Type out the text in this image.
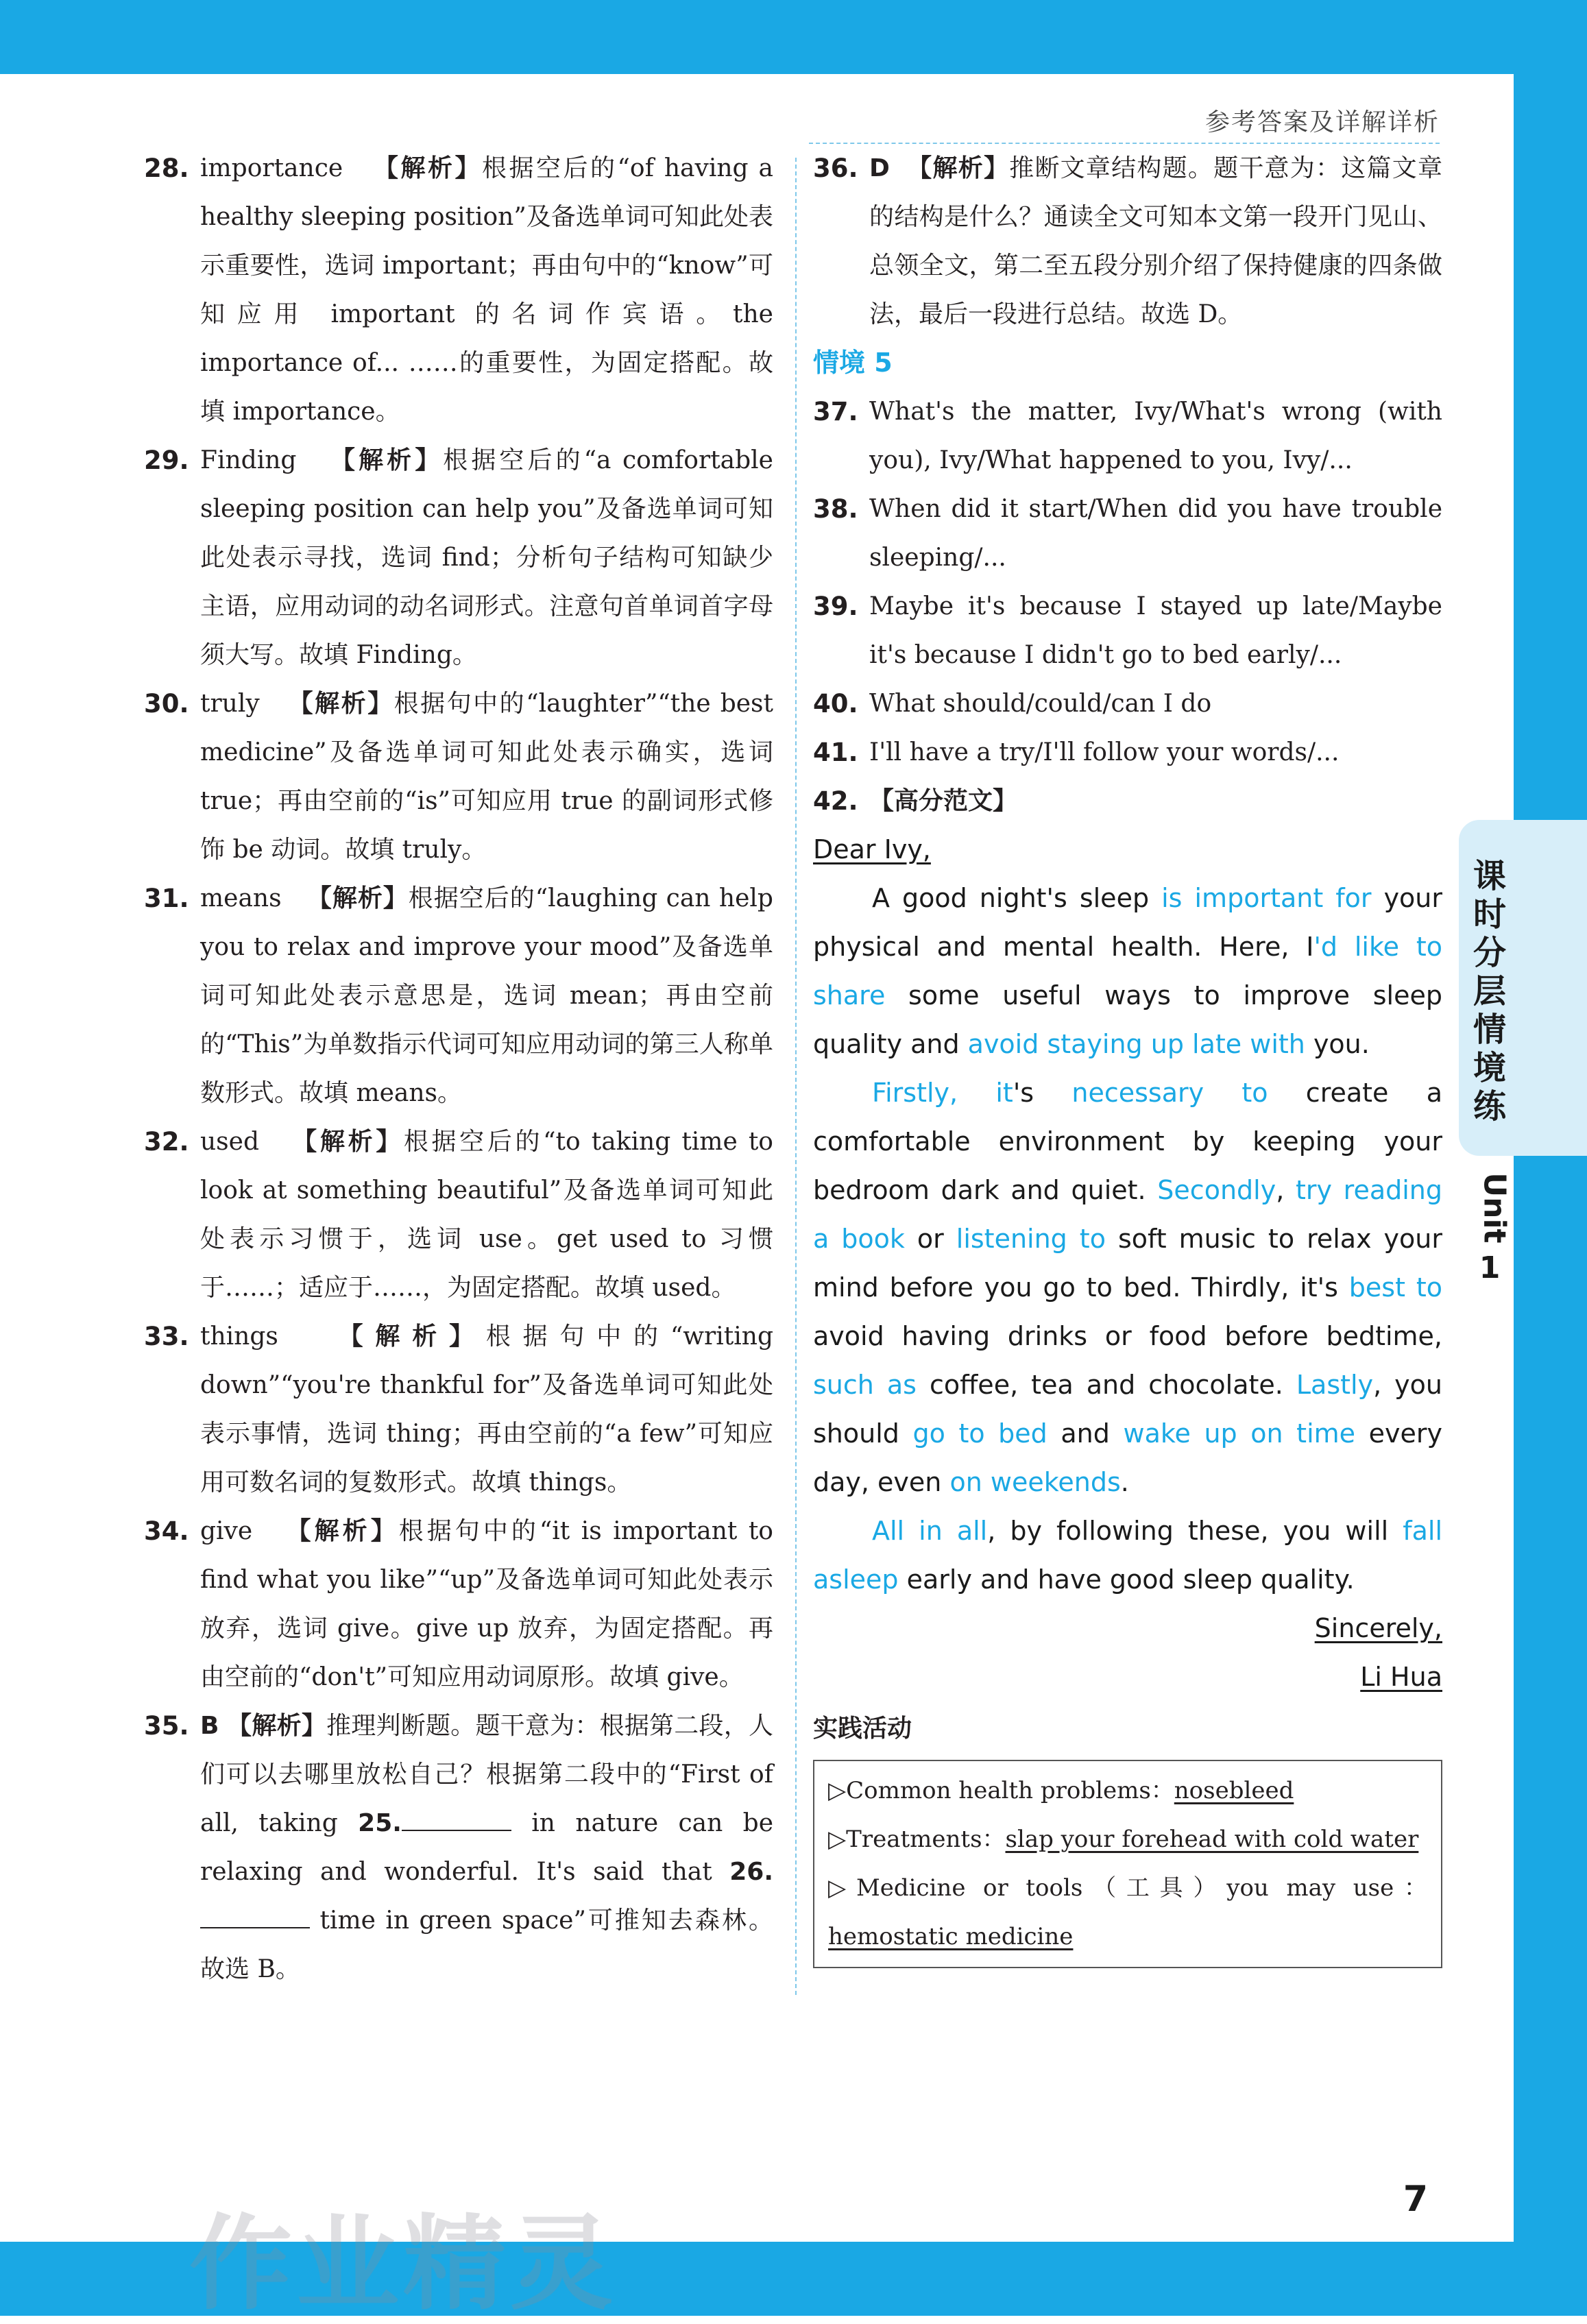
参考答案及详解详析
课
时
分
层
情
境
练
Unit
1
28. importance 【解析】根据空后的“of having a healthy sleeping position”及备选单词可知此处表示重要性，选词 important；再由句中的“know”可知应用 important 的名词作宾语。the importance of... ……的重要性，为固定搭配。故填 importance。
29. Finding 【解析】根据空后的“a comfortable sleeping position can help you”及备选单词可知此处表示寻找，选词 find；分析句子结构可知缺少主语，应用动词的动名词形式。注意句首单词首字母须大写。故填 Finding。
30. truly 【解析】根据句中的“laughter”“the best medicine”及备选单词可知此处表示确实，选词 true；再由空前的“is”可知应用 true 的副词形式修饰 be 动词。故填 truly。
31. means 【解析】根据空后的“laughing can help you to relax and improve your mood”及备选单词可知此处表示意思是，选词 mean；再由空前的“This”为单数指示代词可知应用动词的第三人称单数形式。故填 means。
32. used 【解析】根据空后的“to taking time to look at something beautiful”及备选单词可知此处表示习惯于，选词 use。get used to 习惯于……；适应于……，为固定搭配。故填 used。
33. things 【解析】根据句中的“writing down”“you're thankful for”及备选单词可知此处表示事情，选词 thing；再由空前的“a few”可知应用可数名词的复数形式。故填 things。
34. give 【解析】根据句中的“it is important to find what you like”“up”及备选单词可知此处表示放弃，选词 give。give up 放弃，为固定搭配。再由空前的“don't”可知应用动词原形。故填 give。
35. B 【解析】推理判断题。题干意为：根据第二段，人们可以去哪里放松自己？根据第二段中的“First of all, taking 25.	in nature can be relaxing and wonderful. It's said that 26. time in green space”可推知去森林。故选 B。
36. D 【解析】推断文章结构题。题干意为：这篇文章的结构是什么？通读全文可知本文第一段开门见山、总领全文，第二至五段分别介绍了保持健康的四条做法，最后一段进行总结。故选 D。
情境 5
37. What's the matter, Ivy/What's wrong (with you), Ivy/What happened to you, Ivy/...
38. When did it start/When did you have trouble sleeping/...
39. Maybe it's because I stayed up late/Maybe it's because I didn't go to bed early/...
40. What should/could/can I do
41. I'll have a try/I'll follow your words/...
42. 【高分范文】

Dear Ivy,

A good night's sleep is important for your physical and mental health. Here, I'd like to share some useful ways to improve sleep quality and avoid staying up late with you.

Firstly, it's necessary to create a comfortable environment by keeping your bedroom dark and quiet. Secondly, try reading a book or listening to soft music to relax your mind before you go to bed. Thirdly, it's best to avoid having drinks or food before bedtime, such as coffee, tea and chocolate. Lastly, you should go to bed and wake up on time every day, even on weekends.

All in all, by following these, you will fall asleep early and have good sleep quality.

Sincerely,

Li Hua

实践活动
▷Common health problems：nosebleed
▷Treatments：slap your forehead with cold water
▷Medicine or tools（工具）you may use：hemostatic medicine
7
作业精灵
